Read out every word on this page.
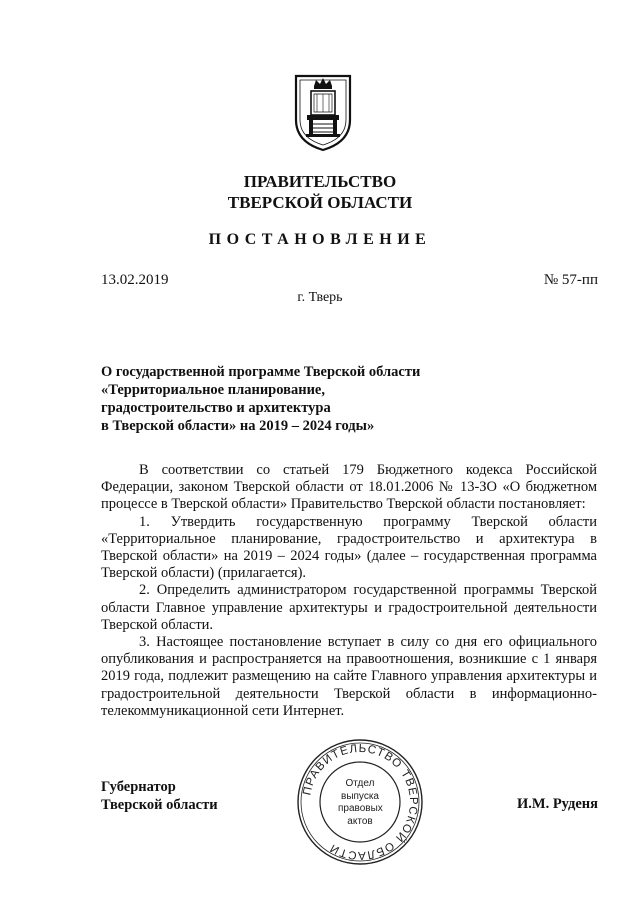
ПРАВИТЕЛЬСТВО
ТВЕРСКОЙ ОБЛАСТИ
ПОСТАНОВЛЕНИЕ
13.02.2019	№ 57-пп
г. Тверь
О государственной программе Тверской области
«Территориальное планирование,
градостроительство и архитектура
в Тверской области» на 2019 – 2024 годы»

В соответствии со статьей 179 Бюджетного кодекса Российской Федерации, законом Тверской области от 18.01.2006 № 13-ЗО «О бюджетном процессе в Тверской области» Правительство Тверской области постановляет:

1. Утвердить государственную программу Тверской области «Территориальное планирование, градостроительство и архитектура в Тверской области» на 2019 – 2024 годы» (далее – государственная программа Тверской области) (прилагается).

2. Определить администратором государственной программы Тверской области Главное управление архитектуры и градостроительной деятельности Тверской области.

3. Настоящее постановление вступает в силу со дня его официального опубликования и распространяется на правоотношения, возникшие с 1 января 2019 года, подлежит размещению на сайте Главного управления архитектуры и градостроительной деятельности Тверской области в информационно-телекоммуникационной сети Интернет.

Губернатор
Тверской области
ПРАВИТЕЛЬСТВО ТВЕРСКОЙ ОБЛАСТИ
Отдел
выпуска
правовых
актов
И.М. Руденя
